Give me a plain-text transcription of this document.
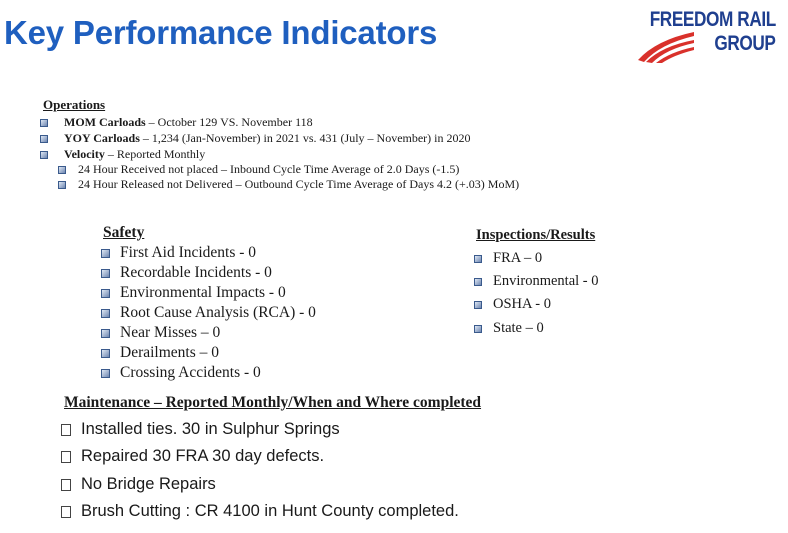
Key Performance Indicators	FREEDOM RAIL
GROUP
Operations
MOM Carloads – October 129 VS. November 118
YOY Carloads – 1,234 (Jan-November) in 2021 vs. 431 (July – November) in 2020
Velocity – Reported Monthly
24 Hour Received not placed – Inbound Cycle Time Average of 2.0 Days (-1.5)
24 Hour Released not Delivered – Outbound Cycle Time Average of Days 4.2 (+.03) MoM)
Safety
First Aid Incidents - 0
Recordable Incidents - 0
Environmental Impacts - 0
Root Cause Analysis (RCA) - 0
Near Misses – 0
Derailments – 0
Crossing Accidents - 0
Inspections/Results
FRA – 0
Environmental - 0
OSHA - 0
State – 0
Maintenance – Reported Monthly/When and Where completed
Installed ties. 30 in Sulphur Springs
Repaired 30 FRA 30 day defects.
No Bridge Repairs
Brush Cutting : CR 4100 in Hunt County completed.
